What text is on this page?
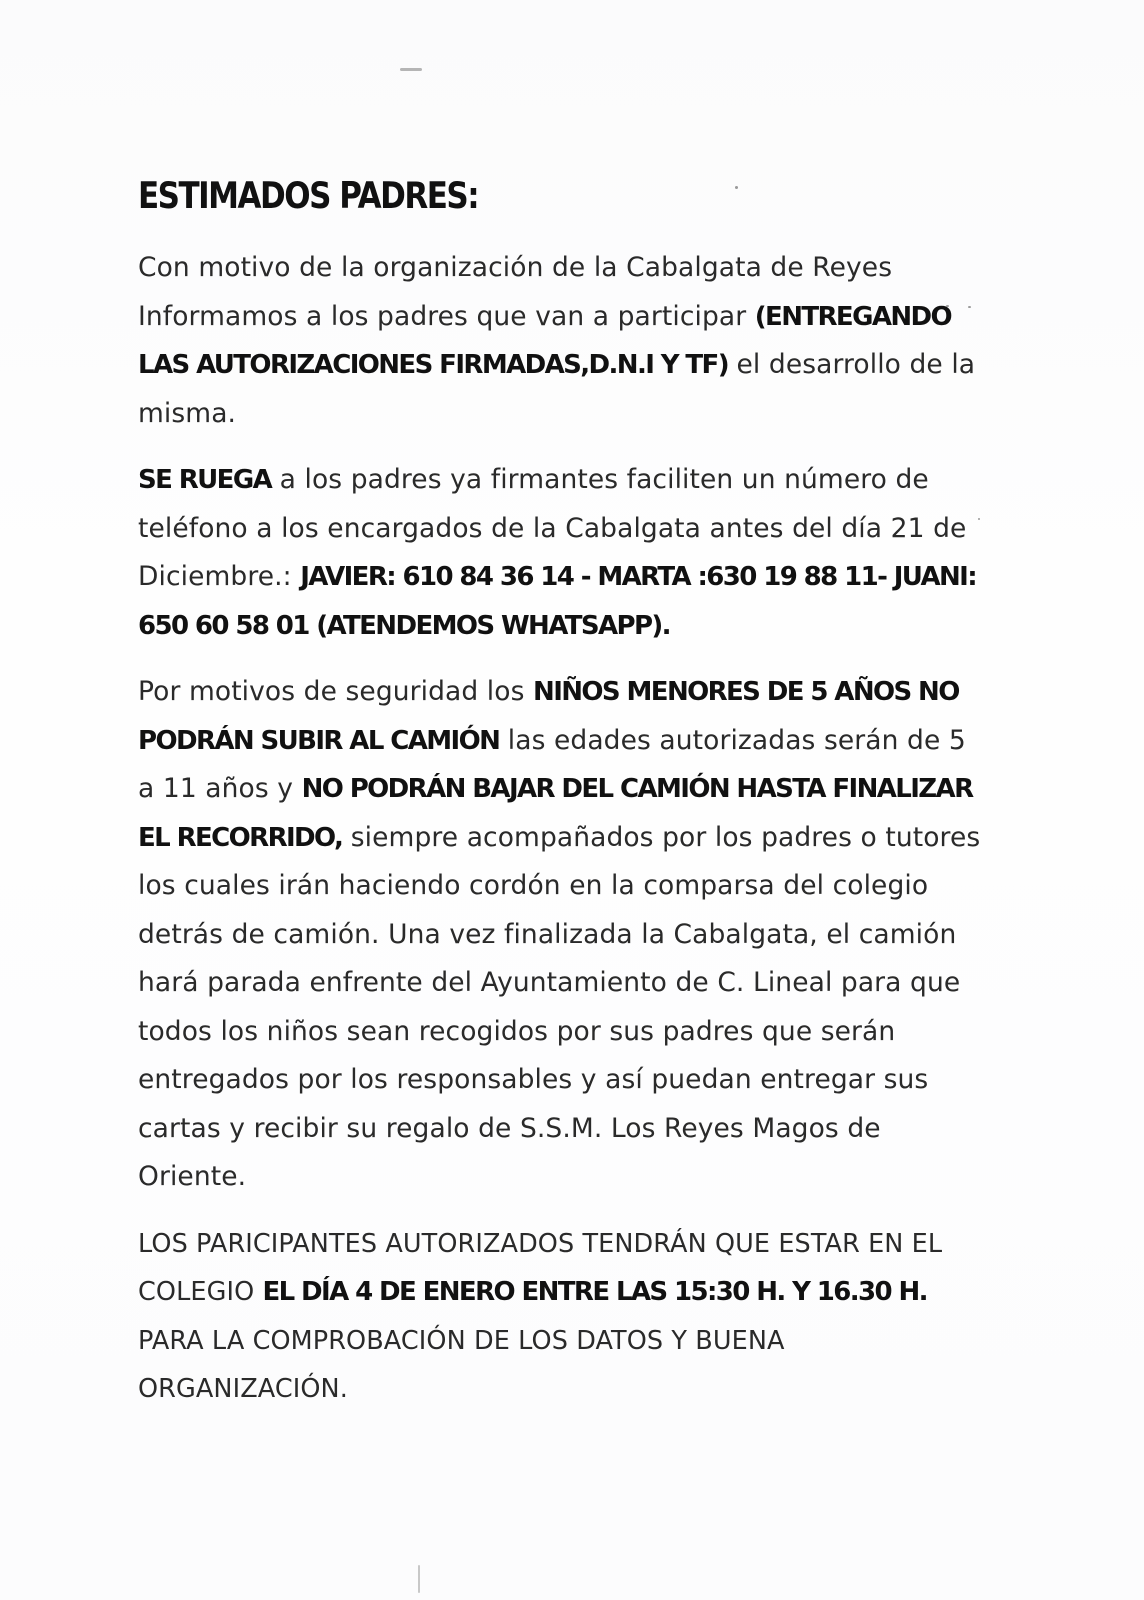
ESTIMADOS PADRES:

Con motivo de la organización de la Cabalgata de Reyes Informamos a los padres que van a participar (ENTREGANDO LAS AUTORIZACIONES FIRMADAS,D.N.I Y TF) el desarrollo de la misma.

SE RUEGA a los padres ya firmantes faciliten un número de teléfono a los encargados de la Cabalgata antes del día 21 de Diciembre.: JAVIER: 610 84 36 14 - MARTA :630 19 88 11- JUANI: 650 60 58 01 (ATENDEMOS WHATSAPP).

Por motivos de seguridad los NIÑOS MENORES DE 5 AÑOS NO PODRÁN SUBIR AL CAMIÓN las edades autorizadas serán de 5 a 11 años y NO PODRÁN BAJAR DEL CAMIÓN HASTA FINALIZAR EL RECORRIDO, siempre acompañados por los padres o tutores los cuales irán haciendo cordón en la comparsa del colegio detrás de camión. Una vez finalizada la Cabalgata, el camión hará parada enfrente del Ayuntamiento de C. Lineal para que todos los niños sean recogidos por sus padres que serán entregados por los responsables y así puedan entregar sus cartas y recibir su regalo de S.S.M. Los Reyes Magos de Oriente.

LOS PARICIPANTES AUTORIZADOS TENDRÁN QUE ESTAR EN EL COLEGIO EL DÍA 4 DE ENERO ENTRE LAS 15:30 H. Y 16.30 H. PARA LA COMPROBACIÓN DE LOS DATOS Y BUENA ORGANIZACIÓN.
